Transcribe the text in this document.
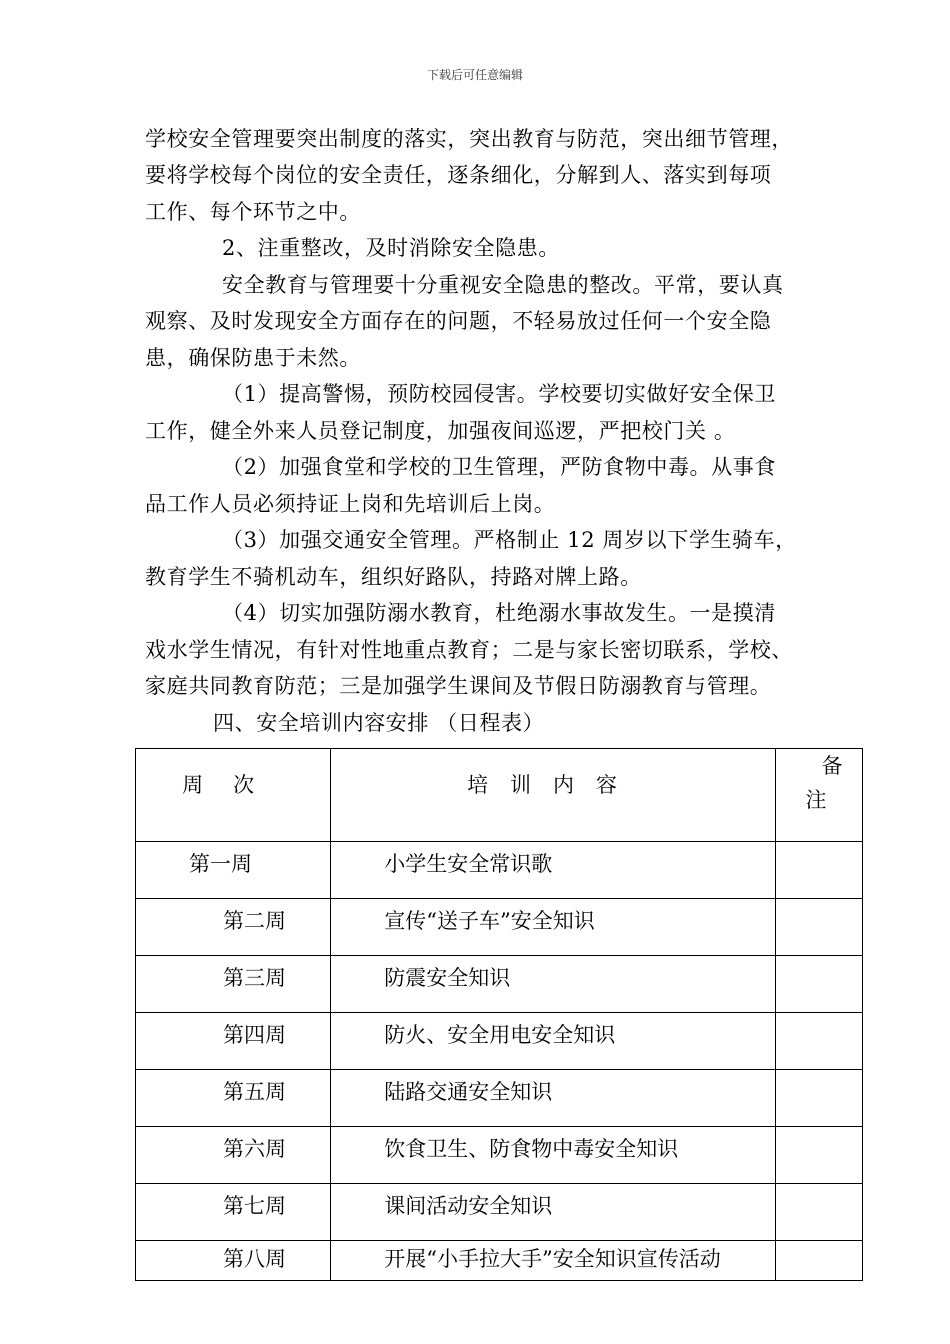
下载后可任意编辑
学校安全管理要突出制度的落实，突出教育与防范，突出细节管理，
要将学校每个岗位的安全责任，逐条细化，分解到人、落实到每项
工作、每个环节之中。
2、注重整改，及时消除安全隐患。
安全教育与管理要十分重视安全隐患的整改。平常，要认真
观察、及时发现安全方面存在的问题，不轻易放过任何一个安全隐
患，确保防患于未然。
（1）提高警惕，预防校园侵害。学校要切实做好安全保卫
工作，健全外来人员登记制度，加强夜间巡逻，严把校门关 。
（2）加强食堂和学校的卫生管理，严防食物中毒。从事食
品工作人员必须持证上岗和先培训后上岗。
（3）加强交通安全管理。严格制止 12 周岁以下学生骑车，
教育学生不骑机动车，组织好路队，持路对牌上路。
（4）切实加强防溺水教育，杜绝溺水事故发生。一是摸清
戏水学生情况，有针对性地重点教育；二是与家长密切联系，学校、
家庭共同教育防范；三是加强学生课间及节假日防溺教育与管理。
四、安全培训内容安排 （日程表）
周次	培训内容	备
注

第一周	小学生安全常识歌	
第二周	宣传“送子车”安全知识	
第三周	防震安全知识	
第四周	防火、安全用电安全知识	
第五周	陆路交通安全知识	
第六周	饮食卫生、防食物中毒安全知识	
第七周	课间活动安全知识	
第八周	开展“小手拉大手”安全知识宣传活动	
